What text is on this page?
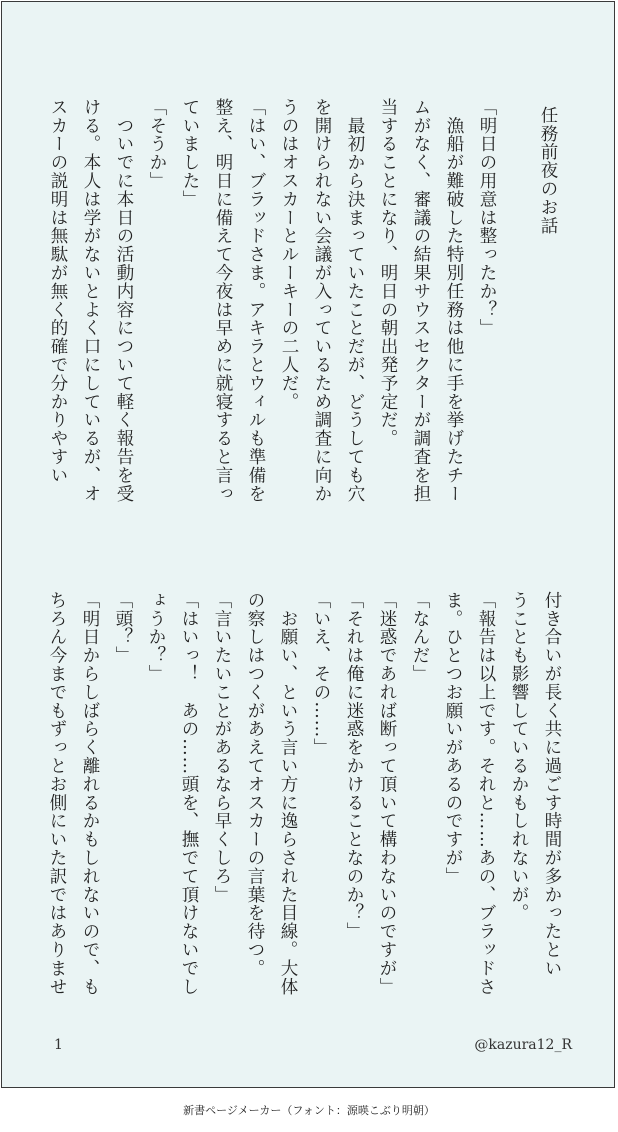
任務前夜のお話
「明日の用意は整ったか？」
　漁船が難破した特別任務は他に手を挙げたチー
ムがなく、審議の結果サウスセクターが調査を担
当することになり、明日の朝出発予定だ。
　最初から決まっていたことだが、どうしても穴
を開けられない会議が入っているため調査に向か
うのはオスカーとルーキーの二人だ。
「はい、ブラッドさま。アキラとウィルも準備を
整え、明日に備えて今夜は早めに就寝すると言っ
ていました」
「そうか」
　ついでに本日の活動内容について軽く報告を受
ける。本人は学がないとよく口にしているが、オ
スカーの説明は無駄が無く的確で分かりやすい
付き合いが長く共に過ごす時間が多かったとい
うことも影響しているかもしれないが。
「報告は以上です。それと……あの、ブラッドさ
ま。ひとつお願いがあるのですが」
「なんだ」
「迷惑であれば断って頂いて構わないのですが」
「それは俺に迷惑をかけることなのか？」
「いえ、その……」
　お願い、という言い方に逸らされた目線。大体
の察しはつくがあえてオスカーの言葉を待つ。
「言いたいことがあるなら早くしろ」
「はいっ！　あの……頭を、撫でて頂けないでし
ょうか？」
「頭？」
「明日からしばらく離れるかもしれないので、も
ちろん今までもずっとお側にいた訳ではありませ
1	@kazura12_R
新書ページメーカー（フォント：源暎こぶり明朝）
